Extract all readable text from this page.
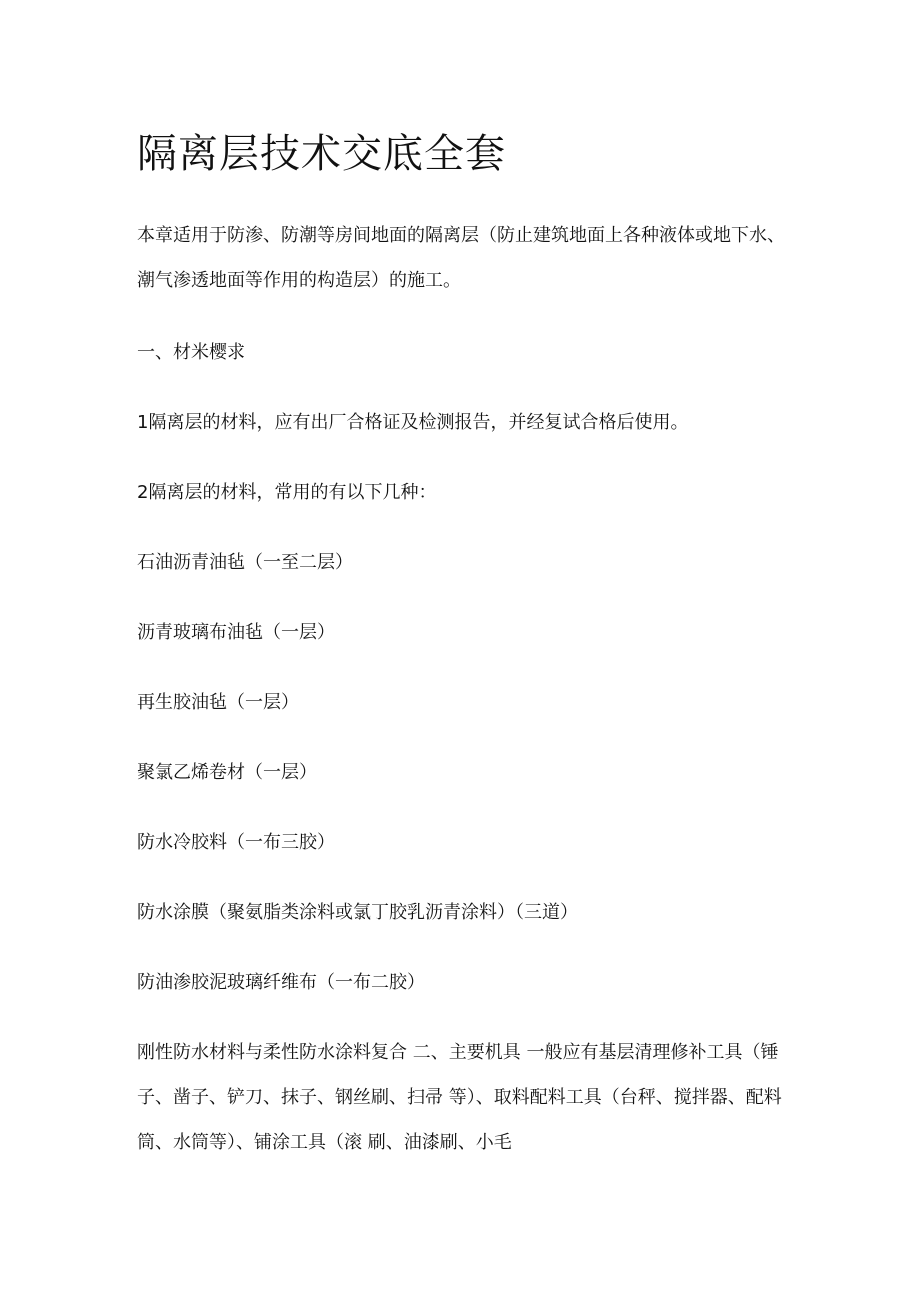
隔离层技术交底全套

本章适用于防渗、防潮等房间地面的隔离层（防止建筑地面上各种液体或地下水、潮气渗透地面等作用的构造层）的施工。

一、材米樱求

1隔离层的材料，应有出厂合格证及检测报告，并经复试合格后使用。

2隔离层的材料，常用的有以下几种：

石油沥青油毡（一至二层）

沥青玻璃布油毡（一层）

再生胶油毡（一层）

聚氯乙烯卷材（一层）

防水冷胶料（一布三胶）

防水涂膜（聚氨脂类涂料或氯丁胶乳沥青涂料）（三道）

防油渗胶泥玻璃纤维布（一布二胶）

刚性防水材料与柔性防水涂料复合 二、主要机具 一般应有基层清理修补工具（锤子、凿子、铲刀、抹子、钢丝刷、扫帚 等）、取料配料工具（台秤、搅拌器、配料筒、水筒等）、铺涂工具（滚 刷、油漆刷、小毛
